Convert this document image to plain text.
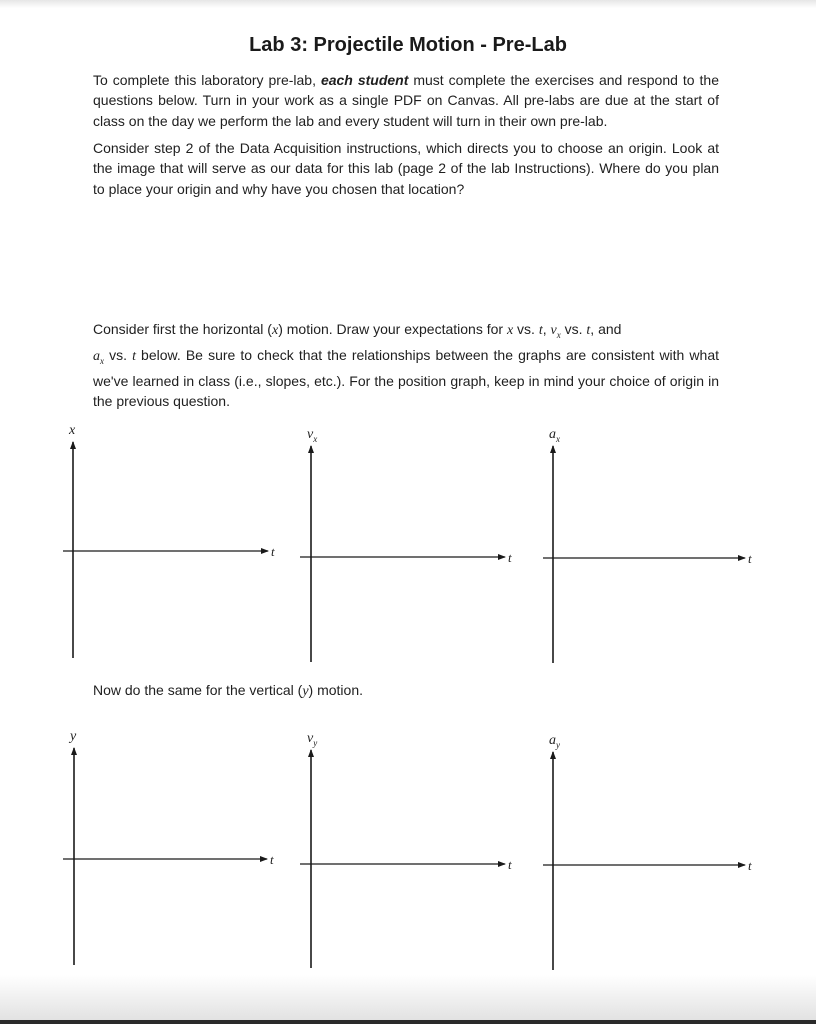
Lab 3: Projectile Motion - Pre-Lab
To complete this laboratory pre-lab, each student must complete the exercises and respond to the questions below. Turn in your work as a single PDF on Canvas. All pre-labs are due at the start of class on the day we perform the lab and every student will turn in their own pre-lab.
Consider step 2 of the Data Acquisition instructions, which directs you to choose an origin. Look at the image that will serve as our data for this lab (page 2 of the lab Instructions). Where do you plan to place your origin and why have you chosen that location?
Consider first the horizontal (x) motion. Draw your expectations for x vs. t, $v_x$ vs. t, and
$a_x$ vs. t below. Be sure to check that the relationships between the graphs are consistent with what we've learned in class (i.e., slopes, etc.). For the position graph, keep in mind your choice of origin in the previous question.
Now do the same for the vertical (y) motion.
x
t
$v_x$
t
$a_x$
t
y
t
$v_y$
t
$a_y$
t
